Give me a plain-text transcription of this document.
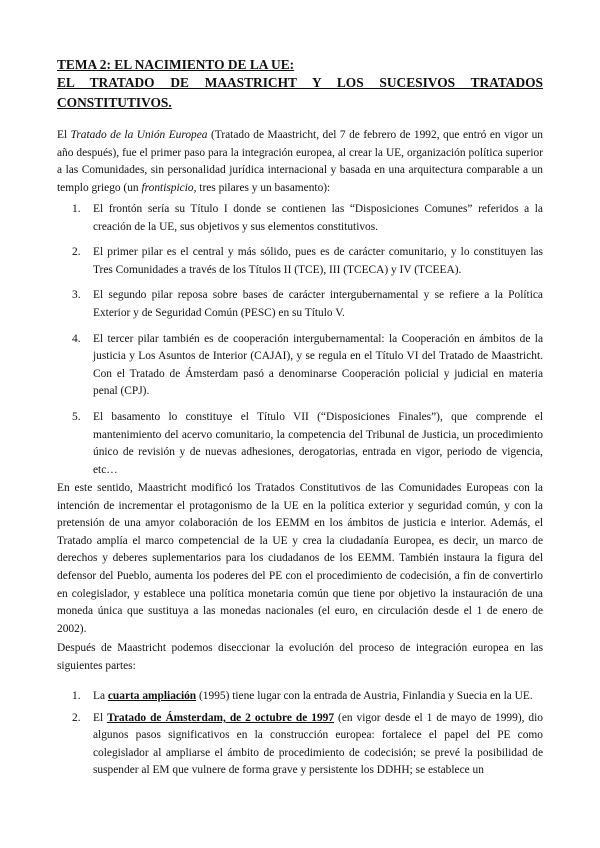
TEMA 2: EL NACIMIENTO DE LA UE:
EL TRATADO DE MAASTRICHT Y LOS SUCESIVOS TRATADOS
CONSTITUTIVOS.

El Tratado de la Unión Europea (Tratado de Maastricht, del 7 de febrero de 1992, que entró en vigor un año después), fue el primer paso para la integración europea, al crear la UE, organización política superior a las Comunidades, sin personalidad jurídica internacional y basada en una arquitectura comparable a un templo griego (un frontispicio, tres pilares y un basamento):

1. El frontón sería su Título I donde se contienen las “Disposiciones Comunes” referidos a la creación de la UE, sus objetivos y sus elementos constitutivos.
2. El primer pilar es el central y más sólido, pues es de carácter comunitario, y lo constituyen las Tres Comunidades a través de los Títulos II (TCE), III (TCECA) y IV (TCEEA).
3. El segundo pilar reposa sobre bases de carácter intergubernamental y se refiere a la Política Exterior y de Seguridad Común (PESC) en su Título V.
4. El tercer pilar también es de cooperación intergubernamental: la Cooperación en ámbitos de la justicia y Los Asuntos de Interior (CAJAI), y se regula en el Título VI del Tratado de Maastricht. Con el Tratado de Ámsterdam pasó a denominarse Cooperación policial y judicial en materia penal (CPJ).
5. El basamento lo constituye el Título VII (“Disposiciones Finales”), que comprende el mantenimiento del acervo comunitario, la competencia del Tribunal de Justicia, un procedimiento único de revisión y de nuevas adhesiones, derogatorias, entrada en vigor, periodo de vigencia, etc…

En este sentido, Maastricht modificó los Tratados Constitutivos de las Comunidades Europeas con la intención de incrementar el protagonismo de la UE en la política exterior y seguridad común, y con la pretensión de una amyor colaboración de los EEMM en los ámbitos de justicia e interior. Además, el Tratado amplía el marco competencial de la UE y crea la ciudadanía Europea, es decir, un marco de derechos y deberes suplementarios para los ciudadanos de los EEMM. También instaura la figura del defensor del Pueblo, aumenta los poderes del PE con el procedimiento de codecisión, a fin de convertirlo en colegislador, y establece una política monetaria común que tiene por objetivo la instauración de una moneda única que sustituya a las monedas nacionales (el euro, en circulación desde el 1 de enero de 2002).

Después de Maastricht podemos diseccionar la evolución del proceso de integración europea en las siguientes partes:

1. La cuarta ampliación (1995) tiene lugar con la entrada de Austria, Finlandia y Suecia en la UE.
2. El Tratado de Ámsterdam, de 2 octubre de 1997 (en vigor desde el 1 de mayo de 1999), dio algunos pasos significativos en la construcción europea: fortalece el papel del PE como colegislador al ampliarse el ámbito de procedimiento de codecisión; se prevé la posibilidad de suspender al EM que vulnere de forma grave y persistente los DDHH; se establece un
